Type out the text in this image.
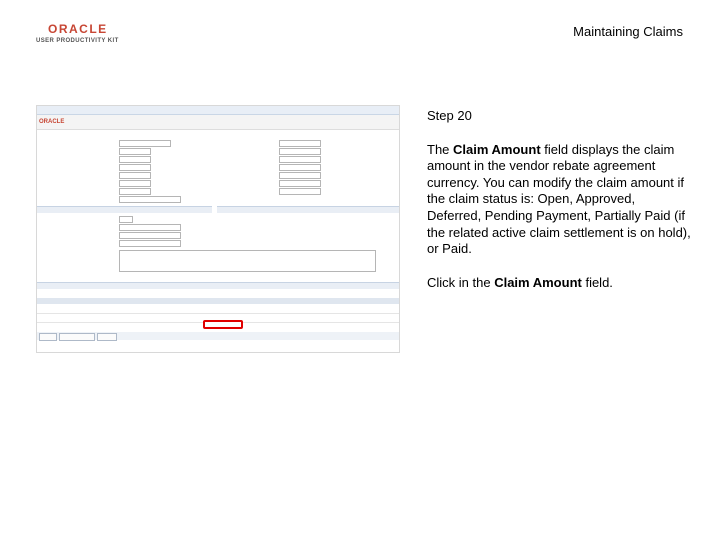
ORACLE
USER PRODUCTIVITY KIT
Maintaining Claims
ORACLE	Step 20

The Claim Amount field displays the claim amount in the vendor rebate agreement currency. You can modify the claim amount if the claim status is: Open, Approved, Deferred, Pending Payment, Partially Paid (if the related active claim settlement is on hold), or Paid.

Click in the Claim Amount field.
